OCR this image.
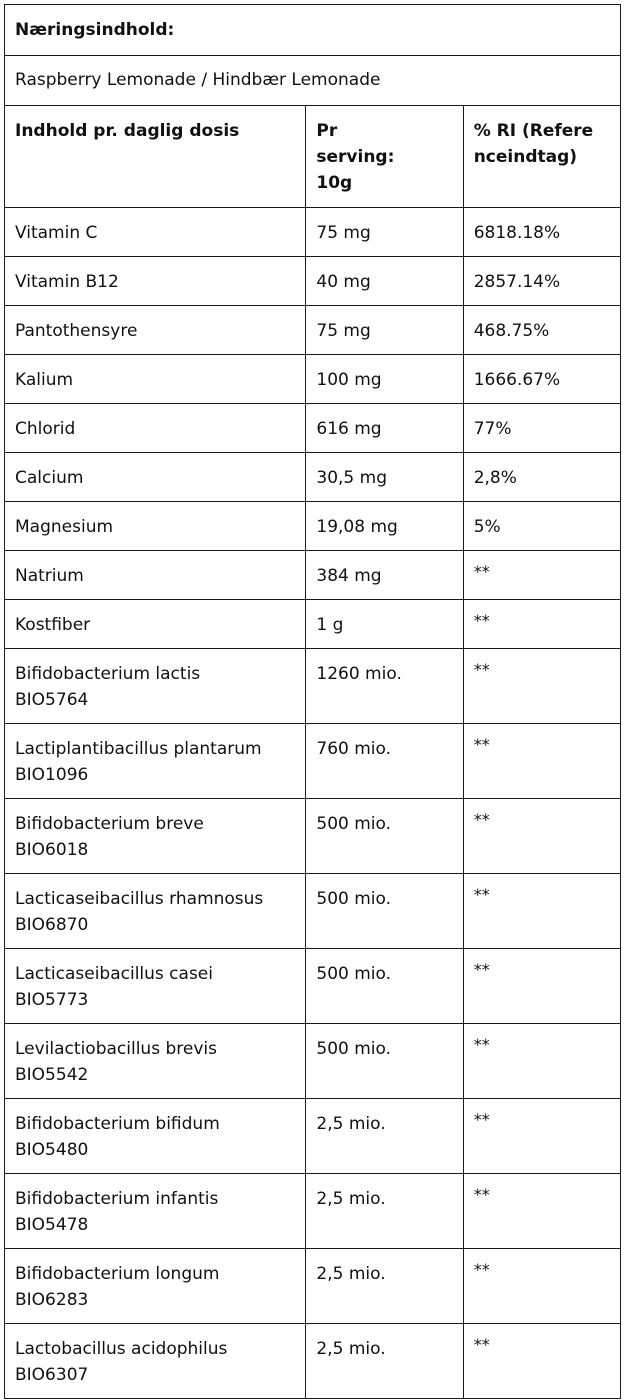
Næringsindhold:		

Raspberry Lemonade / Hindbær Lemonade		

Indhold pr. daglig dosis	Pr serving: 10g	% RI (Referenceindtag)

Vitamin C	75 mg	6818.18%

Vitamin B12	40 mg	2857.14%

Pantothensyre	75 mg	468.75%

Kalium	100 mg	1666.67%

Chlorid	616 mg	77%

Calcium	30,5 mg	2,8%

Magnesium	19,08 mg	5%

Natrium	384 mg	**

Kostfiber	1 g	**

Bifidobacterium lactis
BIO5764	1260 mio.	**

Lactiplantibacillus plantarum
BIO1096	760 mio.	**

Bifidobacterium breve
BIO6018	500 mio.	**

Lacticaseibacillus rhamnosus
BIO6870	500 mio.	**

Lacticaseibacillus casei
BIO5773	500 mio.	**

Levilactiobacillus brevis
BIO5542	500 mio.	**

Bifidobacterium bifidum
BIO5480	2,5 mio.	**

Bifidobacterium infantis
BIO5478	2,5 mio.	**

Bifidobacterium longum
BIO6283	2,5 mio.	**

Lactobacillus acidophilus
BIO6307	2,5 mio.	**
